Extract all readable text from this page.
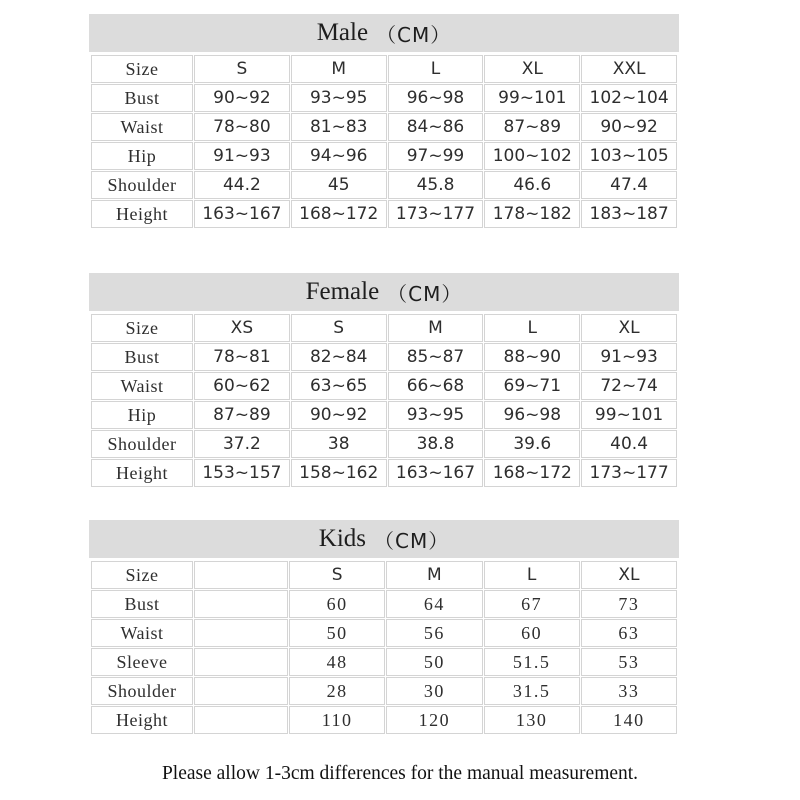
Male （CM）
Size	S	M	L	XL	XXL
Bust	90~92	93~95	96~98	99~101	102~104
Waist	78~80	81~83	84~86	87~89	90~92
Hip	91~93	94~96	97~99	100~102	103~105
Shoulder	44.2	45	45.8	46.6	47.4
Height	163~167	168~172	173~177	178~182	183~187
Female （CM）
Size	XS	S	M	L	XL
Bust	78~81	82~84	85~87	88~90	91~93
Waist	60~62	63~65	66~68	69~71	72~74
Hip	87~89	90~92	93~95	96~98	99~101
Shoulder	37.2	38	38.8	39.6	40.4
Height	153~157	158~162	163~167	168~172	173~177
Kids （CM）
Size		S	M	L	XL
Bust		60	64	67	73
Waist		50	56	60	63
Sleeve		48	50	51.5	53
Shoulder		28	30	31.5	33
Height		110	120	130	140
Please allow 1-3cm differences for the manual measurement.
